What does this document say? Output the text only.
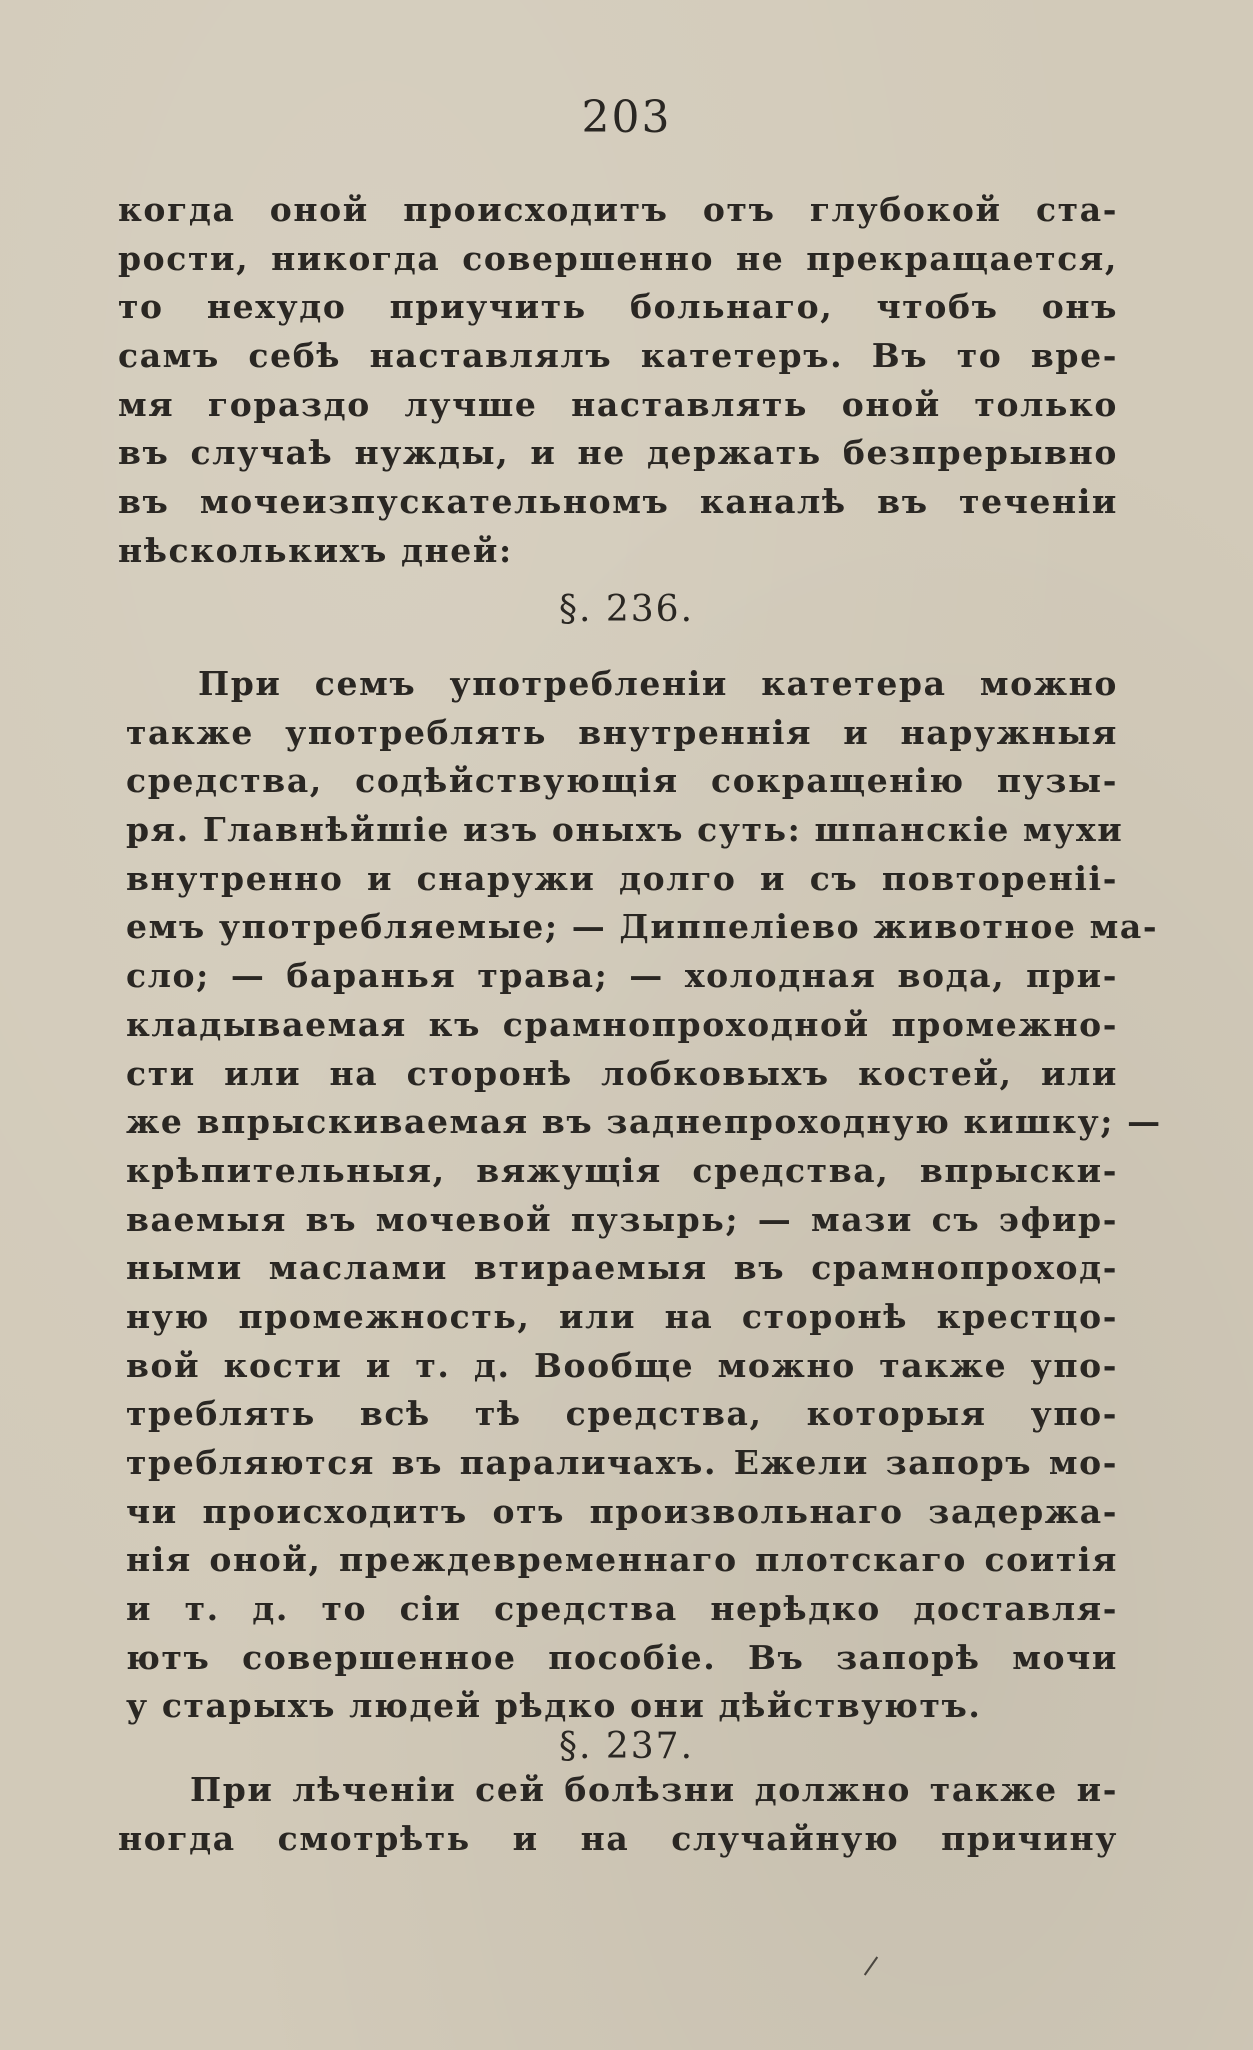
203
когда оной происходитъ отъ глубокой ста-
рости, никогда совершенно не прекращается,
то нехудо приучить больнаго, чтобъ онъ
самъ себѣ наставлялъ катетеръ. Въ то вре-
мя гораздо лучше наставлять оной только
въ случаѣ нужды, и не держать безпрерывно
въ мочеизпускательномъ каналѣ въ теченіи
нѣсколькихъ дней:
§. 236.
При семъ употребленіи катетера можно
также употреблять внутреннія и наружныя
средства, содѣйствующія сокращенію пузы-
ря. Главнѣйшіе изъ оныхъ суть: шпанскіе мухи
внутренно и снаружи долго и съ повтореніі-
емъ употребляемые; — Диппеліево животное ма-
сло; — баранья трава; — холодная вода, при-
кладываемая къ срамнопроходной промежно-
сти или на сторонѣ лобковыхъ костей, или
же впрыскиваемая въ заднепроходную кишку; —
крѣпительныя, вяжущія средства, впрыски-
ваемыя въ мочевой пузырь; — мази съ эфир-
ными маслами втираемыя въ срамнопроход-
ную промежность, или на сторонѣ крестцо-
вой кости и т. д. Вообще можно также упо-
треблять всѣ тѣ средства, которыя упо-
требляются въ параличахъ. Ежели запоръ мо-
чи происходитъ отъ произвольнаго задержа-
нія оной, преждевременнаго плотскаго соитія
и т. д. то сіи средства нерѣдко доставля-
ютъ совершенное пособіе. Въ запорѣ мочи
у старыхъ людей рѣдко они дѣйствуютъ.
§. 237.
При лѣченіи сей болѣзни должно также и-
ногда смотрѣть и на случайную причину
